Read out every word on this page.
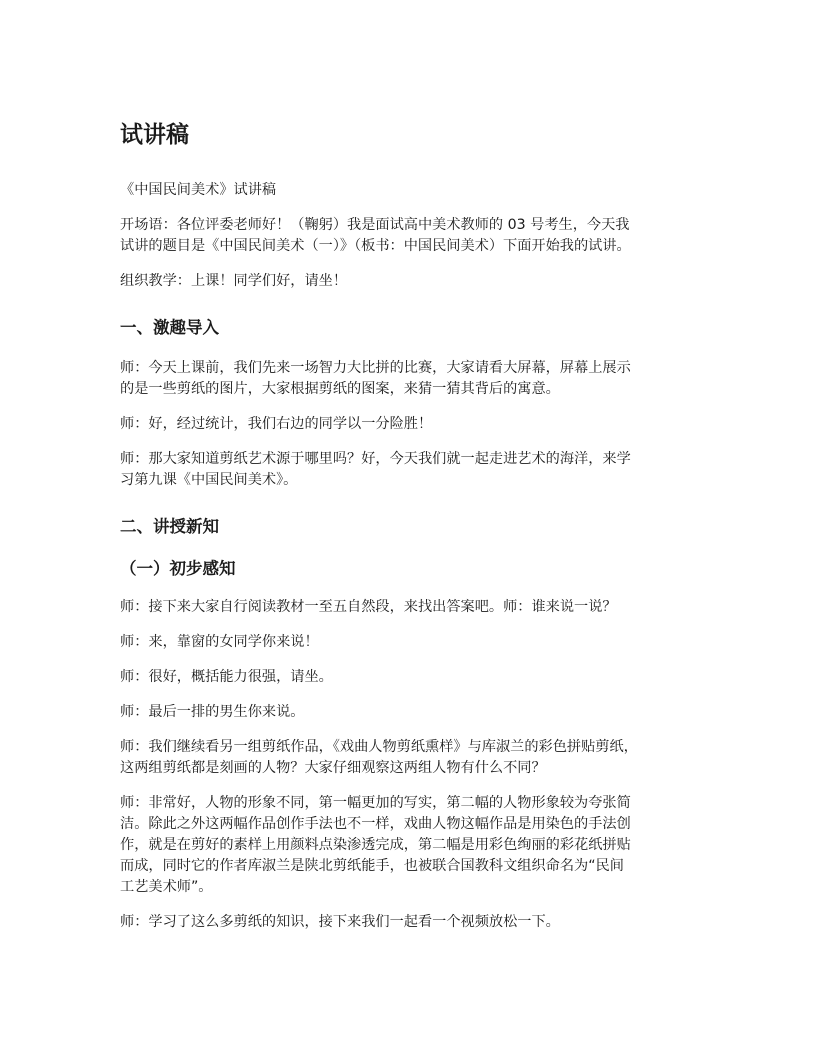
试讲稿

《中国民间美术》试讲稿

开场语：各位评委老师好！（鞠躬）我是面试高中美术教师的 03 号考生，今天我
试讲的题目是《中国民间美术（一）》（板书：中国民间美术）下面开始我的试讲。

组织教学：上课！同学们好，请坐！

一、激趣导入

师：今天上课前，我们先来一场智力大比拼的比赛，大家请看大屏幕，屏幕上展示
的是一些剪纸的图片，大家根据剪纸的图案，来猜一猜其背后的寓意。

师：好，经过统计，我们右边的同学以一分险胜！

师：那大家知道剪纸艺术源于哪里吗？好，今天我们就一起走进艺术的海洋，来学
习第九课《中国民间美术》。

二、讲授新知
（一）初步感知

师：接下来大家自行阅读教材一至五自然段，来找出答案吧。师：谁来说一说？

师：来，靠窗的女同学你来说！

师：很好，概括能力很强，请坐。

师：最后一排的男生你来说。

师：我们继续看另一组剪纸作品，《戏曲人物剪纸熏样》与库淑兰的彩色拼贴剪纸，
这两组剪纸都是刻画的人物？大家仔细观察这两组人物有什么不同？

师：非常好，人物的形象不同，第一幅更加的写实，第二幅的人物形象较为夸张简
洁。除此之外这两幅作品创作手法也不一样，戏曲人物这幅作品是用染色的手法创
作，就是在剪好的素样上用颜料点染渗透完成，第二幅是用彩色绚丽的彩花纸拼贴
而成，同时它的作者库淑兰是陕北剪纸能手，也被联合国教科文组织命名为“民间
工艺美术师”。

师：学习了这么多剪纸的知识，接下来我们一起看一个视频放松一下。
